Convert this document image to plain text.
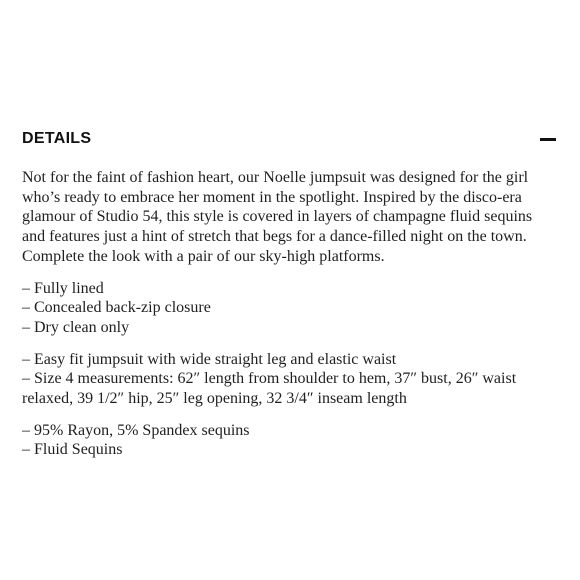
DETAILS

Not for the faint of fashion heart, our Noelle jumpsuit was designed for the girl who’s ready to embrace her moment in the spotlight. Inspired by the disco-era glamour of Studio 54, this style is covered in layers of champagne fluid sequins and features just a hint of stretch that begs for a dance-filled night on the town. Complete the look with a pair of our sky-high platforms.

– Fully lined
– Concealed back-zip closure
– Dry clean only
– Easy fit jumpsuit with wide straight leg and elastic waist
– Size 4 measurements: 62″ length from shoulder to hem, 37″ bust, 26″ waist relaxed, 39 1/2″ hip, 25″ leg opening, 32 3/4″ inseam length
– 95% Rayon, 5% Spandex sequins
– Fluid Sequins
